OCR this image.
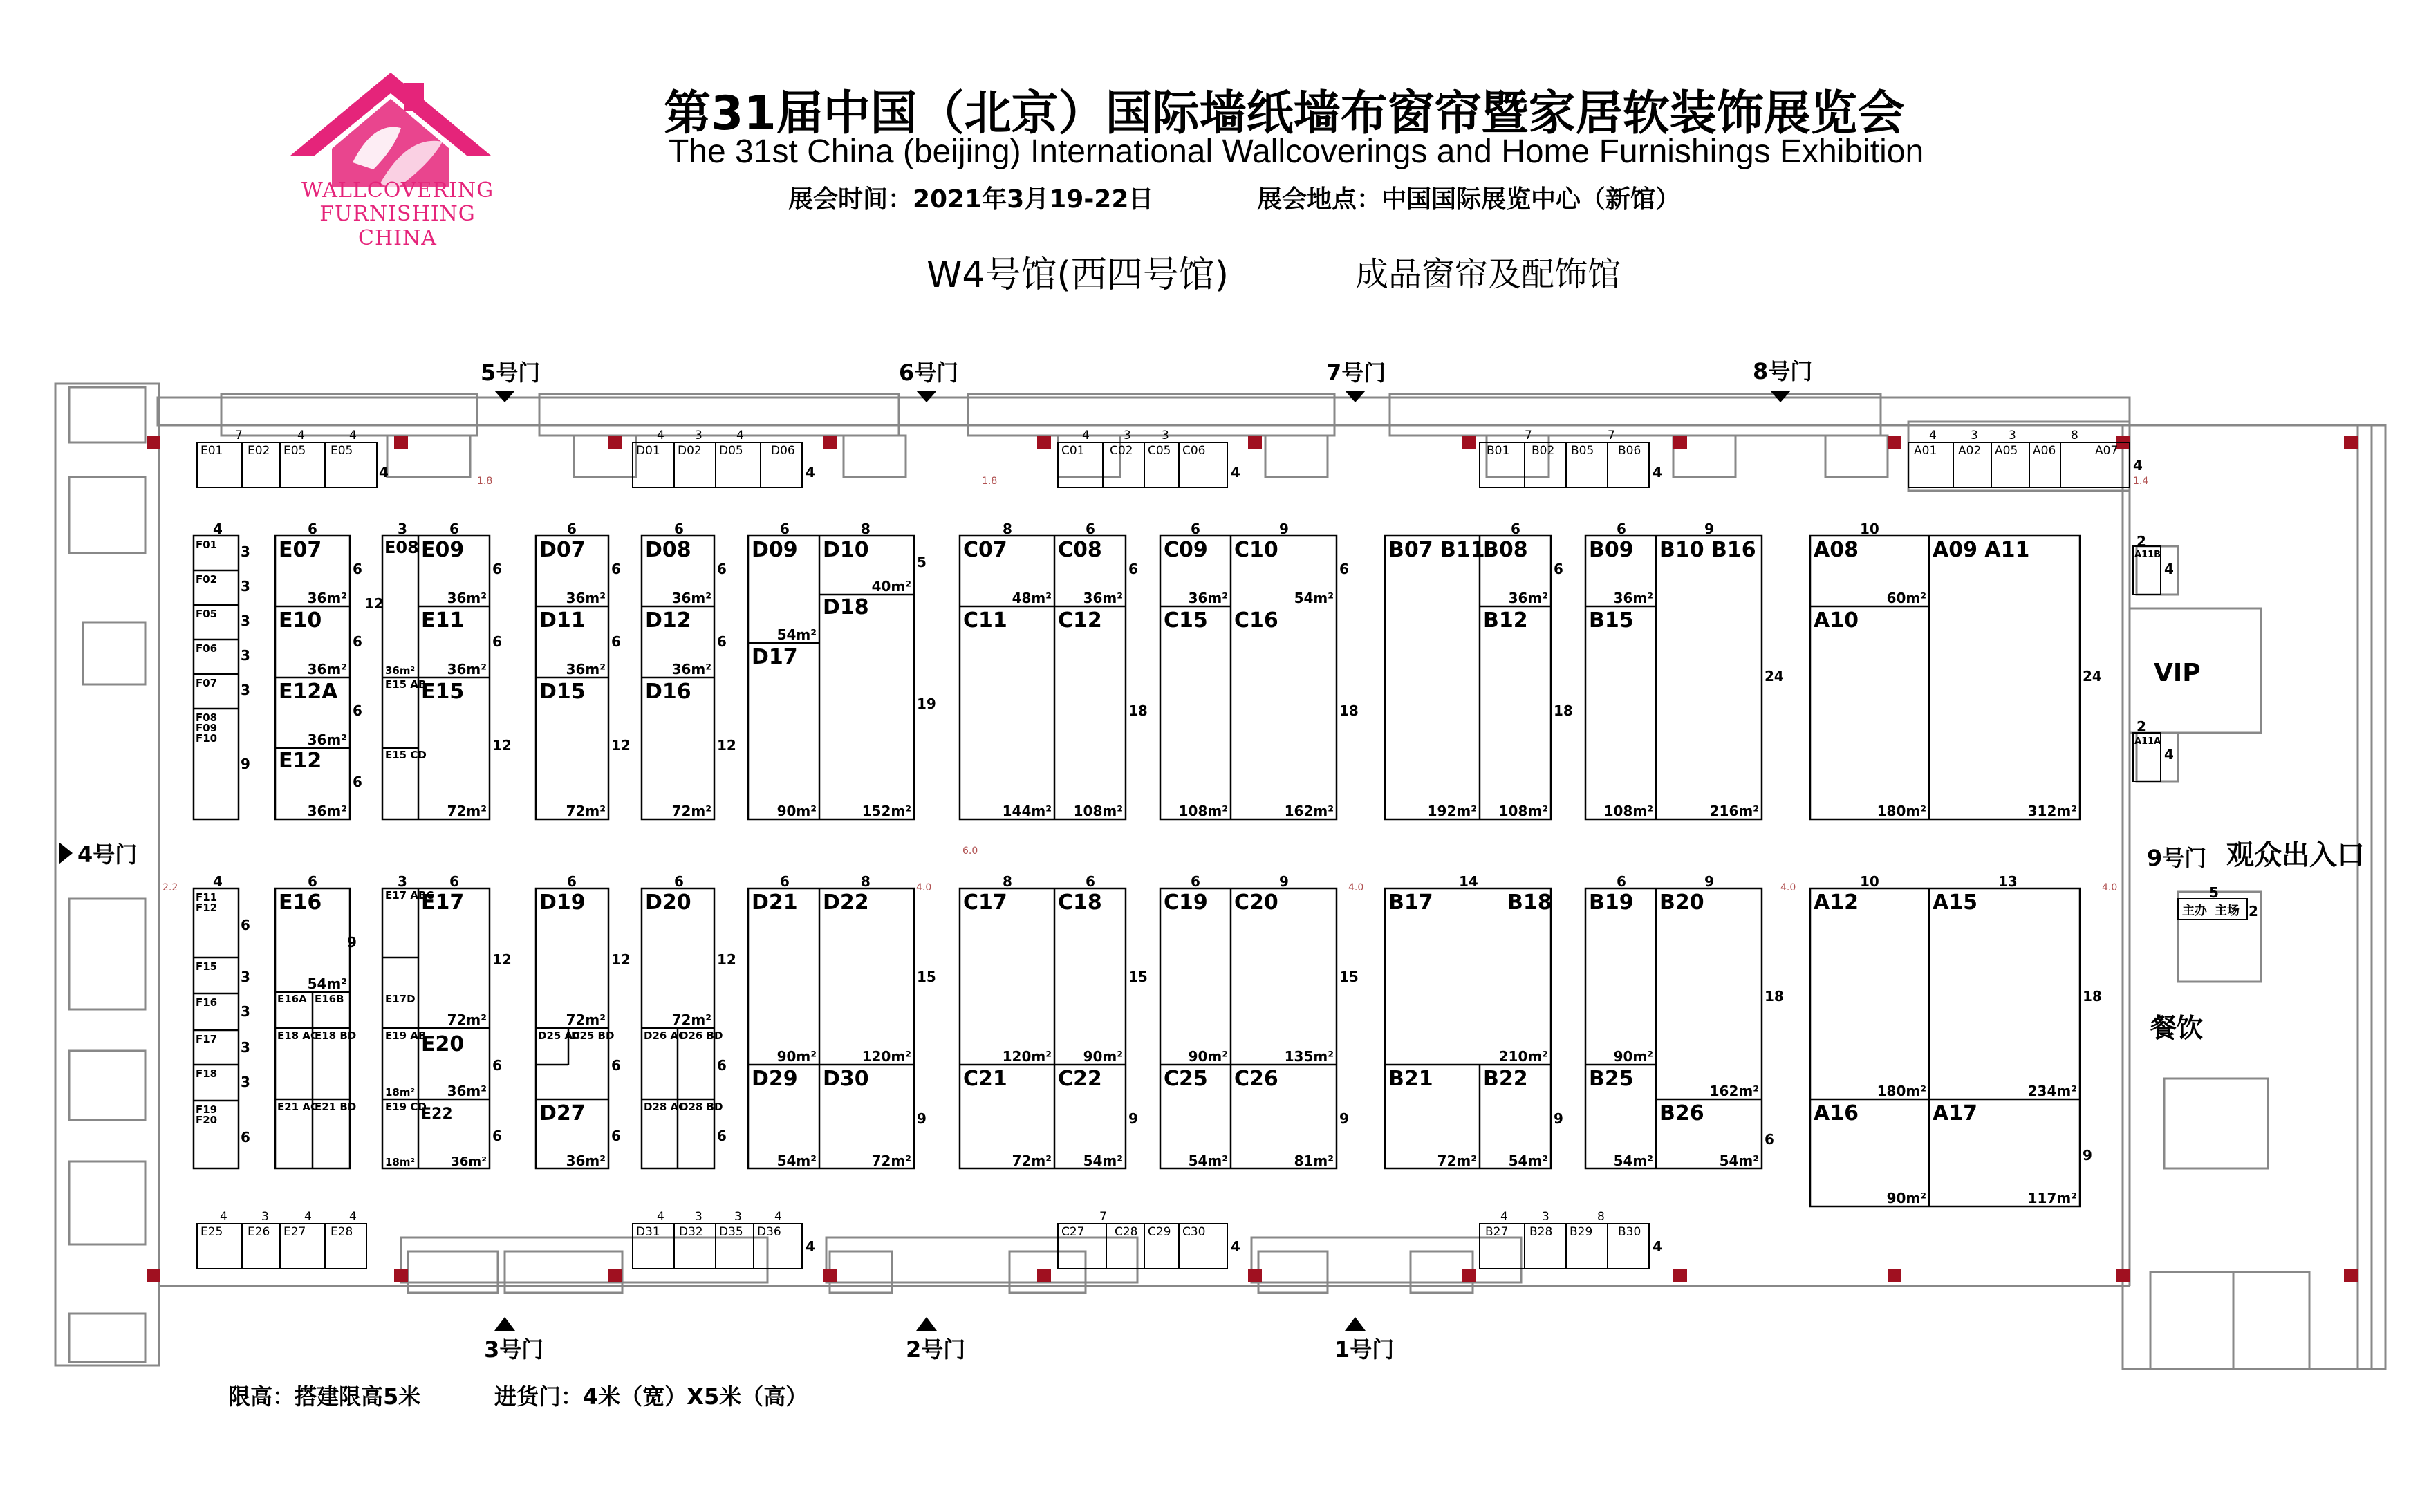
WALLCOVERING
FURNISHING CHINA
第31届中国（北京）国际墙纸墙布窗帘暨家居软装饰展览会
The 31st China (beijing) International Wallcoverings and Home Furnishings Exhibition
展会时间：2021年3月19-22日	展会地点：中国国际展览中心（新馆）
W4号馆(西四号馆)	成品窗帘及配饰馆
5号门	6号门	7号门	8号门
4号门
3号门	2号门	1号门
9号门 观众出入口
VIP
餐饮
主办 主场
A11B
A11A
E01 E02 E05 E05	D01 D02 D05 D06	C01 C02 C05 C06	B01 B02 B05 B06	A01 A02 A05 A06	A07
7	4	4	4	3	4	4	3	3	7	7	4	3	3	8
E25 E26 E27 E28	D31 D32 D35 D36	C27	C28 C29 C30	B27 B28 B29 B30
4	3	4	4	4	3	3	4	7	4	3	8
E07
E10
E12A
E12
E08 E09
E11
E15
D07
D11
D15
D08
D12
D16
D09
D17
D10
D18
C07 C08
C11 C12
C09 C10
C15 C16
B07 B11
B08
B12
B09
B15
B10 B16	A08
A10
A09 A11
E16	E17
E20
E22
D19
D27
D20	D21 D22
D29 D30
C17 C18
C21 C22
C19 C20
C25 C26
B17	B18
B21 B22
B19
B25
B20
B26
A12	A15
A16	A17
36m²
36m²
36m²
36m²
36m²
36m²
72m²
36m²
36m²
72m²
36m²
36m²
72m²
54m²
90m²
40m²
152m²
48m² 36m²
144m² 108m²
36m²	54m²
108m²	162m²	192m²
36m²
108m²
36m²
108m²	216m²
60m²
180m²	312m²
54m²
72m²
36m²
36m²
72m²
36m²
72m²
90m²	120m²
54m²	72m²
120m² 90m²
72m² 54m²
90m²	135m²
54m²	81m²
210m²
72m² 54m²
90m²
54m²
162m²
54m²
180m²	234m²
90m²	117m²
F01
F02
F05
F06
F07
F08
F09
F10
F11
F12
F15
F16
F17
F18
F19
F20
E15 AB
E15 CD
E17 ABC
E17D
E16A E16B
E18 AC
E18 BD	E19 AB
E19 CD
E21 AC
E21 BD
D25 AC
D25 BD	D26 AC
D26 BD
D28 AC
D28 BD
36m²
18m²
18m²
4	6	3	6	6	6	6	8	8	6	6	9	6	6	9	10
3
3
3
3
3
9
6
6
6
6
12
6
6
12
6
6
12
6
6
12
5
19
6
18
6
18
6
18
24	24
4	6	3	6	6	6	6	8	8	6	6	9	14	6	9	10	13
6
3
3
3
3
6
9
12
6
6
12
6
6
12
6
6
15
9
15
9
15
9	9
18
6
18
9
4	4	4	4	4
4	4	4
4
4
2
2
5
2
4.0	4.0	4.0	4.0
6.0
2.2
1.8	1.8	1.4
限高：搭建限高5米	进货门：4米（宽）X5米（高）
